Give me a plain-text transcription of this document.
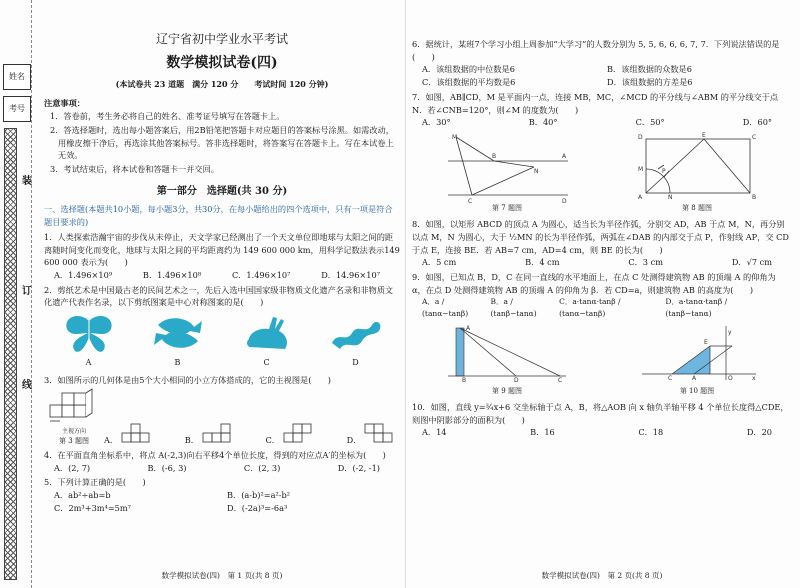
姓名
考号
装
订
线
辽宁省初中学业水平考试
数学模拟试卷(四)
(本试卷共 23 道题　满分 120 分　　考试时间 120 分钟)
注意事项：

1．答卷前，考生务必将自己的姓名、准考证号填写在答题卡上。

2．答选择题时，选出每小题答案后，用2B铅笔把答题卡对应题目的答案标号涂黑。如需改动，用橡皮擦干净后，再选涂其他答案标号。答非选择题时，将答案写在答题卡上。写在本试卷上无效。

3．考试结束后，将本试卷和答题卡一并交回。

第一部分　选择题(共 30 分)
一、选择题(本题共10小题，每小题3分，共30分，在每小题给出的四个选项中，只有一项是符合题目要求的)

1．人类探索浩瀚宇宙的步伐从未停止，天文学家已经测出了一个天文单位即地球与太阳之间的距离随时间变化而变化，地球与太阳之间的平均距离约为 149 600 000 km，用科学记数法表示149 600 000 表示为(　　)

A．1.496×10⁹	B．1.496×10⁸	C．1.496×10⁷	D．14.96×10⁷

2．剪纸艺术是中国最古老的民间艺术之一，先后入选中国国家级非物质文化遗产名录和非物质文化遗产代表作名录，以下剪纸图案是中心对称图案的是(　　)

A	B	C	D

3．如图所示的几何体是由5个大小相同的小立方体搭成的，它的主视图是(　　)

主视方向
第 3 题图	A．	B．	C．	D．

4．在平面直角坐标系中，将点 A(-2,3)向右平移4个单位长度，得到的对应点A′的坐标为(　　)

A．(2, 7)	B．(-6, 3)	C．(2, 3)	D．(-2, -1)

5．下列计算正确的是(　　)

A．ab²÷ab=b	B．(a-b)²=a²-b²
C．2m³+3m⁴=5m⁷	D．(-2a)³=-6a³
数学模拟试卷(四)　第 1 页(共 8 页)

6．据统计，某班7个学习小组上周参加“大学习”的人数分别为 5, 5, 6, 6, 6, 7, 7．下列说法错误的是(　　)

A．该组数据的中位数是6	B．该组数据的众数是6
C．该组数据的平均数是6	D．该组数据的方差是6

7．如图，AB∥CD，M 是平面内一点，连接 MB，MC，∠MCD 的平分线与∠ABM 的平分线交于点 N．若∠CNB=120°，则∠M 的度数为(　　)

A．30°	B．40°	C．50°	D．60°
M
B	A
N
C	D
第 7 题图
D	E	C
M
A	N
P
B
第 8 题图

8．如图，以矩形 ABCD 的顶点 A 为圆心，适当长为半径作弧，分别交 AD，AB 于点 M，N，再分别以点 M，N 为圆心，大于 ½MN 的长为半径作弧，两弧在∠DAB 的内部交于点 P，作射线 AP，交 CD 于点 E，连接 BE．若 AB=7 cm，AD=4 cm，则 BE 的长为(　　)

A．5 cm	B．4 cm	C．3 cm	D．√7 cm

9．如图，已知点 B，D，C 在同一直线的水平地面上，在点 C 处测得建筑物 AB 的顶端 A 的仰角为 α，在点 D 处测得建筑物 AB 的顶端 A 的仰角为 β．若 CD=a，则建筑物 AB 的高度为(　　)

A．a / (tanα−tanβ)
B．a / (tanβ−tanα)
C．a·tanα·tanβ / (tanα−tanβ)
D．a·tanα·tanβ / (tanβ−tanα)
A
B	D	C
第 9 题图
y
x
C	A	O
E
第 10 题图

10．如图，直线 y=¾x+6 交坐标轴于点 A，B，将△AOB 向 x 轴负半轴平移 4 个单位长度得△CDE，则图中阴影部分的面积为(　　)

A．14	B．16	C．18	D．20
数学模拟试卷(四)　第 2 页(共 8 页)
